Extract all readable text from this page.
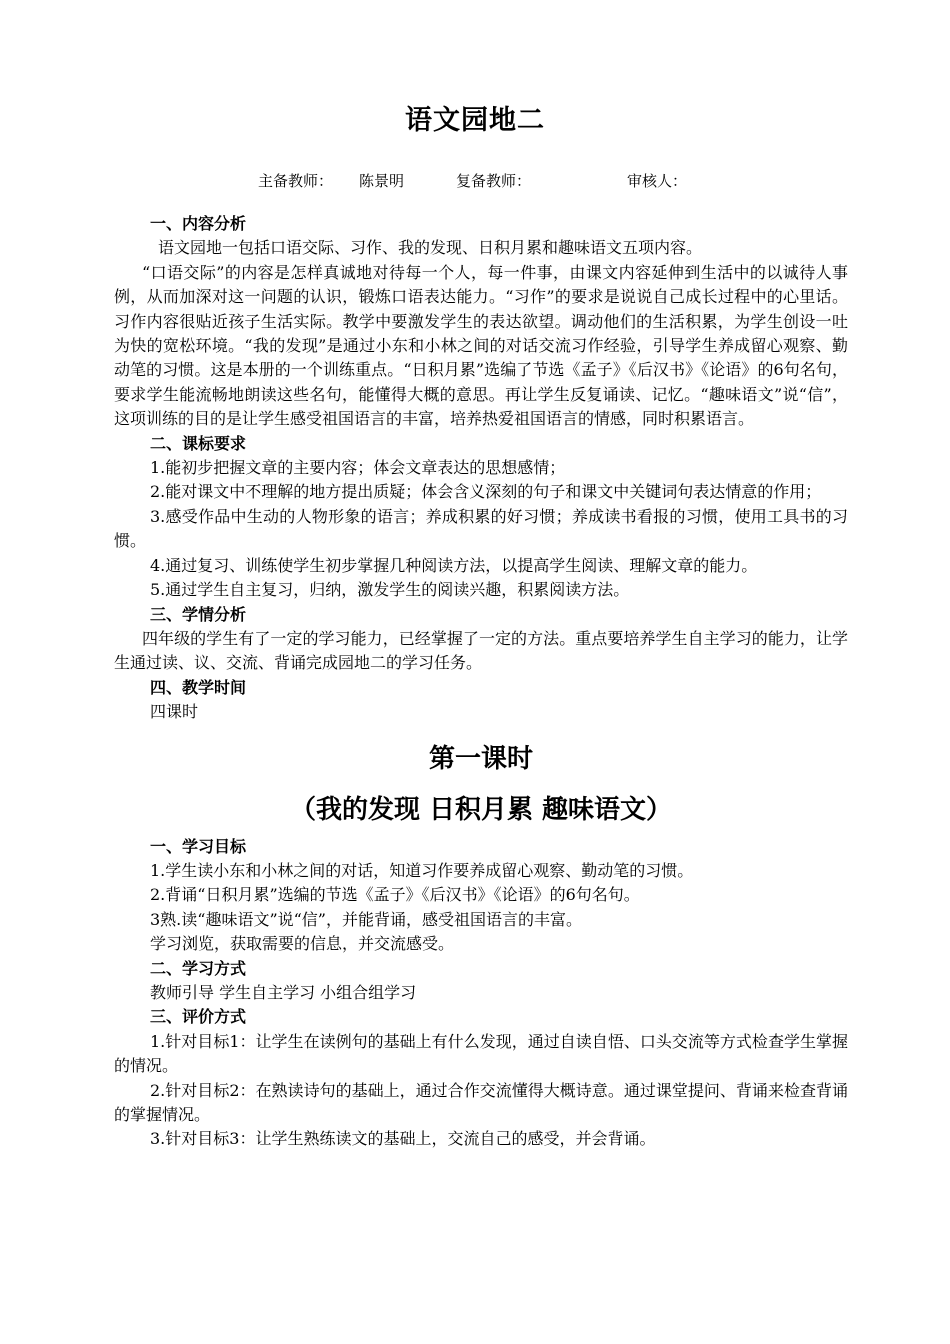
语文园地二
主备教师： 陈景明	复备教师：	审核人：

一、内容分析

语文园地一包括口语交际、习作、我的发现、日积月累和趣味语文五项内容。

“口语交际”的内容是怎样真诚地对待每一个人，每一件事，由课文内容延伸到生活中的以诚待人事例，从而加深对这一问题的认识，锻炼口语表达能力。“习作”的要求是说说自己成长过程中的心里话。习作内容很贴近孩子生活实际。教学中要激发学生的表达欲望。调动他们的生活积累，为学生创设一吐为快的宽松环境。“我的发现”是通过小东和小林之间的对话交流习作经验，引导学生养成留心观察、勤动笔的习惯。这是本册的一个训练重点。“日积月累”选编了节选《孟子》《后汉书》《论语》的6句名句，要求学生能流畅地朗读这些名句，能懂得大概的意思。再让学生反复诵读、记忆。“趣味语文”说“信”，这项训练的目的是让学生感受祖国语言的丰富，培养热爱祖国语言的情感，同时积累语言。

二、课标要求

1.能初步把握文章的主要内容；体会文章表达的思想感情；

2.能对课文中不理解的地方提出质疑；体会含义深刻的句子和课文中关键词句表达情意的作用；

3.感受作品中生动的人物形象的语言；养成积累的好习惯；养成读书看报的习惯，使用工具书的习惯。

4.通过复习、训练使学生初步掌握几种阅读方法，以提高学生阅读、理解文章的能力。

5.通过学生自主复习，归纳，激发学生的阅读兴趣，积累阅读方法。

三、学情分析

四年级的学生有了一定的学习能力，已经掌握了一定的方法。重点要培养学生自主学习的能力，让学生通过读、议、交流、背诵完成园地二的学习任务。

四、教学时间

四课时

第一课时

（我的发现 日积月累 趣味语文）

一、学习目标

1.学生读小东和小林之间的对话，知道习作要养成留心观察、勤动笔的习惯。

2.背诵“日积月累”选编的节选《孟子》《后汉书》《论语》的6句名句。

3熟.读“趣味语文”说“信”，并能背诵，感受祖国语言的丰富。

学习浏览，获取需要的信息，并交流感受。

二、学习方式

教师引导 学生自主学习 小组合组学习

三、评价方式

1.针对目标1：让学生在读例句的基础上有什么发现，通过自读自悟、口头交流等方式检查学生掌握的情况。

2.针对目标2：在熟读诗句的基础上，通过合作交流懂得大概诗意。通过课堂提问、背诵来检查背诵的掌握情况。

3.针对目标3：让学生熟练读文的基础上，交流自己的感受，并会背诵。
